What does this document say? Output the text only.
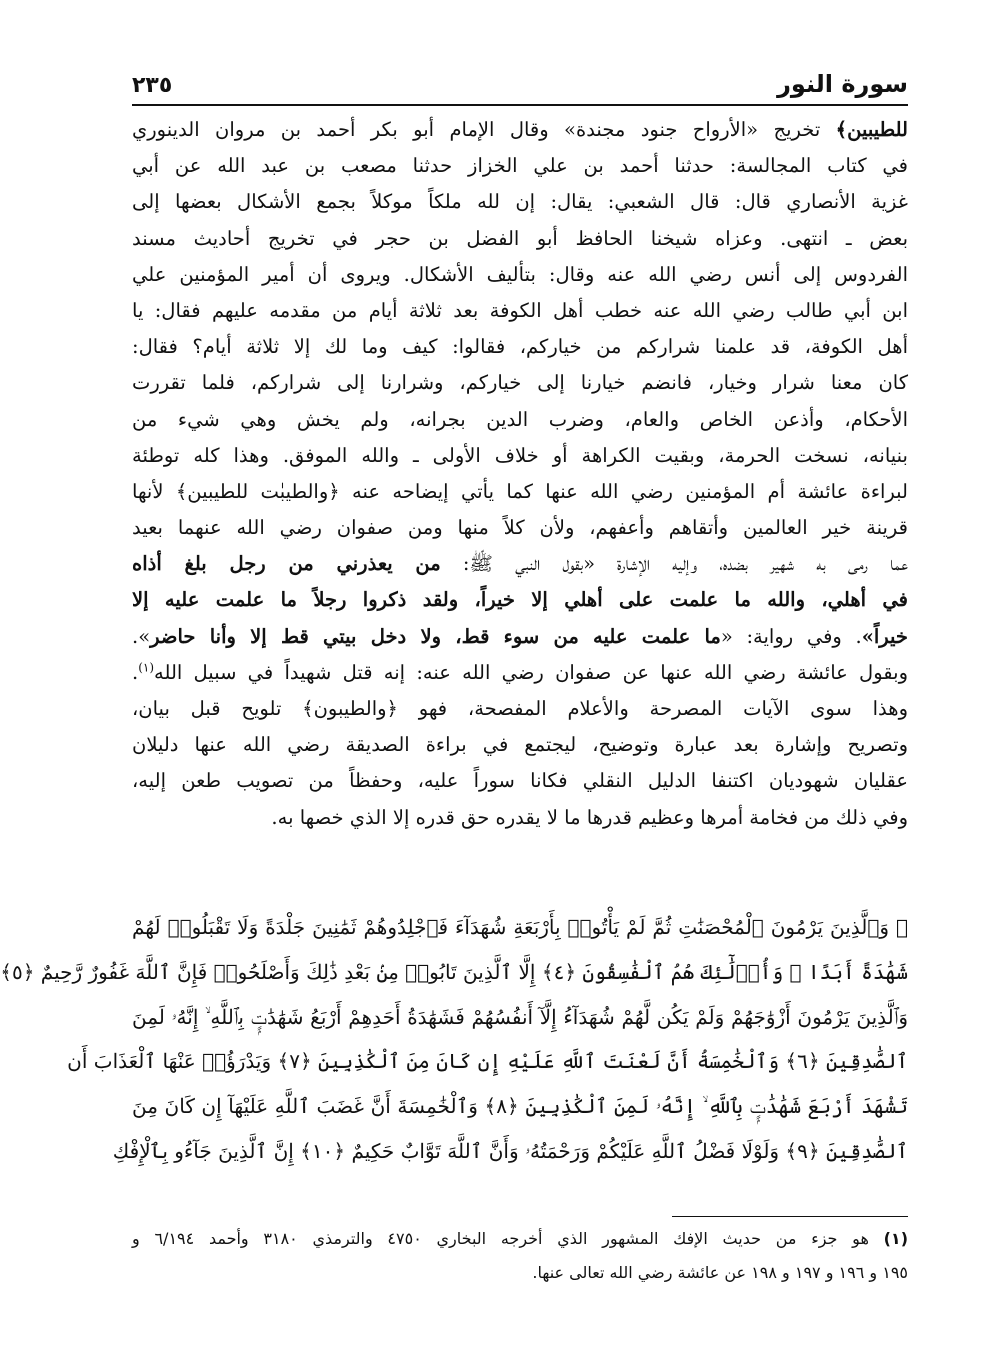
سورة النور
٢٣٥
للطيبين﴾ تخريج «الأرواح جنود مجندة» وقال الإمام أبو بكر أحمد بن مروان الدينوري
في كتاب المجالسة: حدثنا أحمد بن علي الخزاز حدثنا مصعب بن عبد الله عن أبي
غزية الأنصاري قال: قال الشعبي: يقال: إن لله ملكاً موكلاً بجمع الأشكال بعضها إلى
بعض ـ انتهى. وعزاه شيخنا الحافظ أبو الفضل بن حجر في تخريج أحاديث مسند
الفردوس إلى أنس رضي الله عنه وقال: بتأليف الأشكال. ويروى أن أمير المؤمنين علي
ابن أبي طالب رضي الله عنه خطب أهل الكوفة بعد ثلاثة أيام من مقدمه عليهم فقال: يا
أهل الكوفة، قد علمنا شراركم من خياركم، فقالوا: كيف وما لك إلا ثلاثة أيام؟ فقال:
كان معنا شرار وخيار، فانضم خيارنا إلى خياركم، وشرارنا إلى شراركم، فلما تقررت
الأحكام، وأذعن الخاص والعام، وضرب الدين بجرانه، ولم يخش وهي شيء من
بنيانه، نسخت الحرمة، وبقيت الكراهة أو خلاف الأولى ـ والله الموفق. وهذا كله توطئة
لبراءة عائشة أم المؤمنين رضي الله عنها كما يأتي إيضاحه عنه ﴿والطيبٰت للطيبين﴾ لأنها
قرينة خير العالمين وأتقاهم وأعفهم، ولأن كلاً منها ومن صفوان رضي الله عنهما بعيد
عما رمى به شهير بضده، وإليه الإشارة «بقول النبي ﷺ: من يعذرني من رجل بلغ أذاه
في أهلي، والله ما علمت على أهلي إلا خيراً، ولقد ذكروا رجلاً ما علمت عليه إلا
خيراً». وفي رواية: «ما علمت عليه من سوء قط، ولا دخل بيتي قط إلا وأنا حاضر».
وبقول عائشة رضي الله عنها عن صفوان رضي الله عنه: إنه قتل شهيداً في سبيل الله$^{(١)}$.
وهذا سوى الآيات المصرحة والأعلام المفصحة، فهو ﴿والطيبون﴾ تلويح قبل بيان،
وتصريح وإشارة بعد عبارة وتوضيح، ليجتمع في براءة الصديقة رضي الله عنها دليلان
عقليان شهوديان اكتنفا الدليل النقلي فكانا سوراً عليه، وحفظاً من تصويب طعن إليه،
وفي ذلك من فخامة أمرها وعظيم قدرها ما لا يقدره حق قدره إلا الذي خصها به.
﴿ وَٱلَّذِينَ يَرْمُونَ ٱلْمُحْصَنَٰتِ ثُمَّ لَمْ يَأْتُوا۟ بِأَرْبَعَةِ شُهَدَآءَ فَٱجْلِدُوهُمْ ثَمَٰنِينَ جَلْدَةً وَلَا تَقْبَلُوا۟ لَهُمْ
شَهَٰدَةً أَبَدًا ۚ وَأُو۟لَٰٓئِكَ هُمُ ٱلْفَٰسِقُونَ ﴿٤﴾ إِلَّا ٱلَّذِينَ تَابُوا۟ مِنۢ بَعْدِ ذَٰلِكَ وَأَصْلَحُوا۟ فَإِنَّ ٱللَّهَ غَفُورٌ رَّحِيمٌ ﴿٥﴾
وَٱلَّذِينَ يَرْمُونَ أَزْوَٰجَهُمْ وَلَمْ يَكُن لَّهُمْ شُهَدَآءُ إِلَّآ أَنفُسُهُمْ فَشَهَٰدَةُ أَحَدِهِمْ أَرْبَعُ شَهَٰدَٰتٍۭ بِٱللَّهِ ۙ إِنَّهُۥ لَمِنَ
ٱلصَّٰدِقِينَ ﴿٦﴾ وَٱلْخَٰمِسَةُ أَنَّ لَعْنَتَ ٱللَّهِ عَلَيْهِ إِن كَانَ مِنَ ٱلْكَٰذِبِينَ ﴿٧﴾ وَيَدْرَؤُا۟ عَنْهَا ٱلْعَذَابَ أَن
تَشْهَدَ أَرْبَعَ شَهَٰدَٰتٍۭ بِٱللَّهِ ۙ إِنَّهُۥ لَمِنَ ٱلْكَٰذِبِينَ ﴿٨﴾ وَٱلْخَٰمِسَةَ أَنَّ غَضَبَ ٱللَّهِ عَلَيْهَآ إِن كَانَ مِنَ
ٱلصَّٰدِقِينَ ﴿٩﴾ وَلَوْلَا فَضْلُ ٱللَّهِ عَلَيْكُمْ وَرَحْمَتُهُۥ وَأَنَّ ٱللَّهَ تَوَّابٌ حَكِيمٌ ﴿١٠﴾ إِنَّ ٱلَّذِينَ جَآءُو بِٱلْإِفْكِ
(١) هو جزء من حديث الإفك المشهور الذي أخرجه البخاري ٤٧٥٠ والترمذي ٣١٨٠ وأحمد ٦/١٩٤ و
١٩٥ و ١٩٦ و ١٩٧ و ١٩٨ عن عائشة رضي الله تعالى عنها.
